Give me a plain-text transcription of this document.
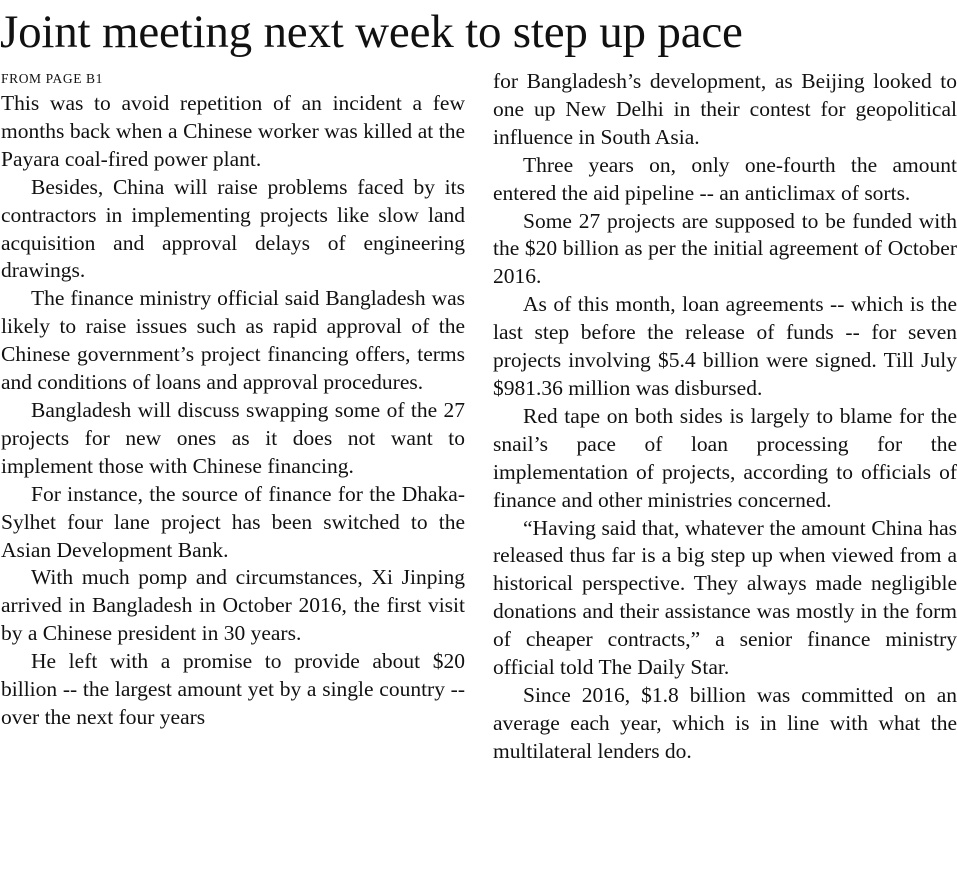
Joint meeting next week to step up pace
FROM PAGE B1

This was to avoid repetition of an incident a few months back when a Chinese worker was killed at the Payara coal-fired power plant.

Besides, China will raise problems faced by its contractors in implementing projects like slow land acquisition and approval delays of engineering drawings.

The finance ministry official said Bangladesh was likely to raise issues such as rapid approval of the Chinese government’s project financing offers, terms and conditions of loans and approval procedures.

Bangladesh will discuss swapping some of the 27 projects for new ones as it does not want to implement those with Chinese financing.

For instance, the source of finance for the Dhaka-Sylhet four lane project has been switched to the Asian Development Bank.

With much pomp and circumstances, Xi Jinping arrived in Bangladesh in October 2016, the first visit by a Chinese president in 30 years.

He left with a promise to provide about $20 billion -- the largest amount yet by a single country -- over the next four years

for Bangladesh’s development, as Beijing looked to one up New Delhi in their contest for geopolitical influence in South Asia.

Three years on, only one-fourth the amount entered the aid pipeline -- an anticlimax of sorts.

Some 27 projects are supposed to be funded with the $20 billion as per the initial agreement of October 2016.

As of this month, loan agreements -- which is the last step before the release of funds -- for seven projects involving $5.4 billion were signed. Till July $981.36 million was disbursed.

Red tape on both sides is largely to blame for the snail’s pace of loan processing for the implementation of projects, according to officials of finance and other ministries concerned.

“Having said that, whatever the amount China has released thus far is a big step up when viewed from a historical perspective. They always made negligible donations and their assistance was mostly in the form of cheaper contracts,” a senior finance ministry official told The Daily Star.

Since 2016, $1.8 billion was committed on an average each year, which is in line with what the multilateral lenders do.
